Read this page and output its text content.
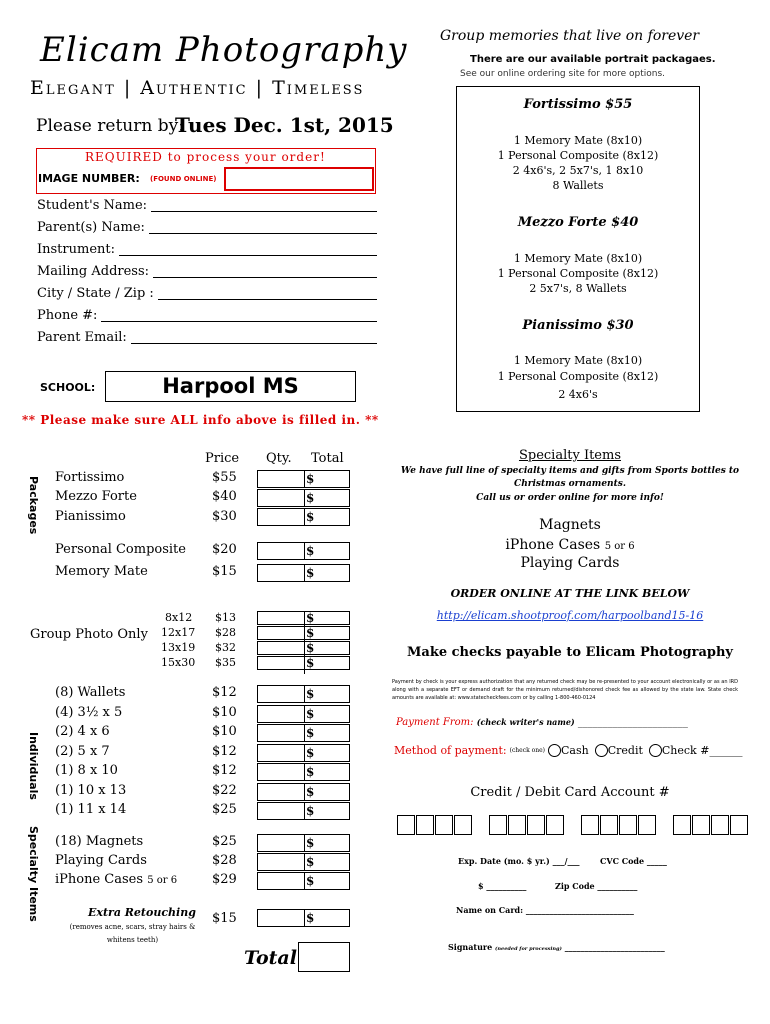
Elicam Photography
Elegant | Authentic | Timeless
Please return by:
Tues Dec. 1st, 2015
REQUIRED to process your order!
IMAGE NUMBER: (FOUND ONLINE)
Student's Name:
Parent(s) Name:
Instrument:
Mailing Address:
City / State / Zip :
Phone #:
Parent Email:
SCHOOL:	Harpool MS
** Please make sure ALL info above is filled in. **
Price Qty. Total
Packages
Individuals
Specialty Items
Fortissimo	$55	$
Mezzo Forte	$40	$
Pianissimo	$30	$
Personal Composite $20	$
Memory Mate	$15	$
Group Photo Only
8x12 $13	$
12x17 $28	$
13x19 $32	$
15x30 $35	$
(8) Wallets	$12	$
(4) 3½ x 5	$10	$
(2) 4 x 6	$10	$
(2) 5 x 7	$12	$
(1) 8 x 10	$12	$
(1) 10 x 13	$22	$
(1) 11 x 14	$25	$
(18) Magnets	$25	$
Playing Cards	$28	$
iPhone Cases 5 or 6	$29	$
Extra Retouching
(removes acne, scars, stray hairs & whitens teeth)
$15	$
Total
Group memories that live on forever
There are our available portrait packagaes.
See our online ordering site for more options.
Fortissimo $55
1 Memory Mate (8x10)
1 Personal Composite (8x12)
2 4x6's, 2 5x7's, 1 8x10
8 Wallets
Mezzo Forte $40
1 Memory Mate (8x10)
1 Personal Composite (8x12)
2 5x7's, 8 Wallets
Pianissimo $30
1 Memory Mate (8x10)
1 Personal Composite (8x12)
2 4x6's
Specialty Items
We have full line of specialty items and gifts from Sports bottles to
Christmas ornaments.
Call us or order online for more info!
Magnets
iPhone Cases 5 or 6
Playing Cards
ORDER ONLINE AT THE LINK BELOW
http://elicam.shootproof.com/harpoolband15-16
Make checks payable to Elicam Photography
Payment by check is your express authorization that any returned check may be re-presented to your account electronically or as an IRD along with a separate EFT or demand draft for the minimum returned/dishonored check fee as allowed by the state law. State check amounts are available at: www.statecheckfees.com or by calling 1-800-460-0124
Payment From: (check writer's name) ______________________
Method of payment: (check one) Cash Credit Check # ______
Credit / Debit Card Account #
Exp. Date (mo. $ yr.) ___/___	CVC Code _____
$ __________	Zip Code __________
Name on Card: ___________________________
Signature (needed for processing) _________________________
